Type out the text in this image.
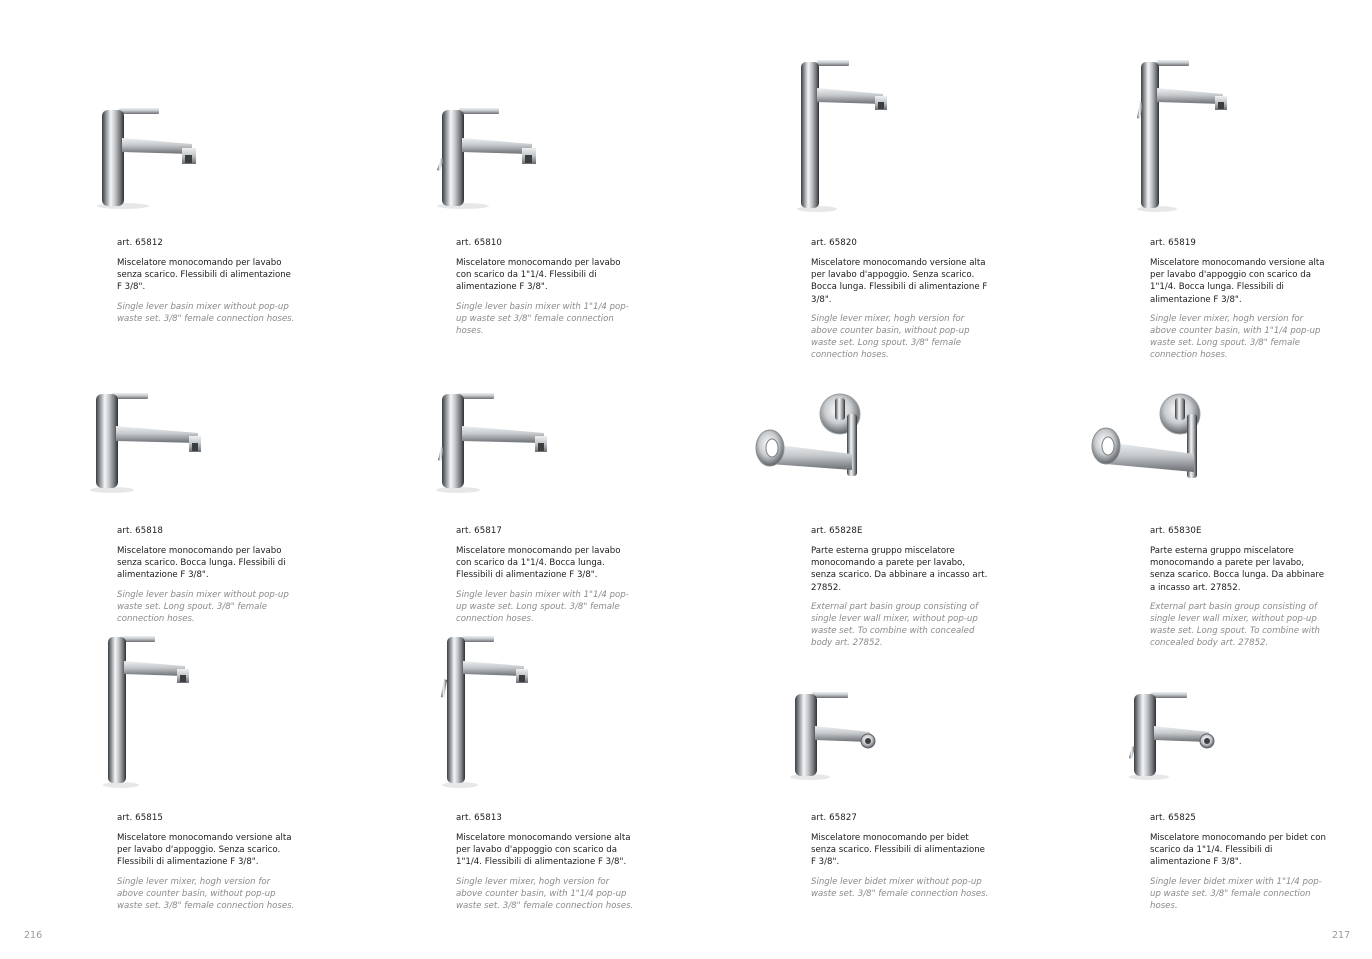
art. 65812

Miscelatore monocomando per lavabo senza scarico. Flessibili di alimentazione F 3/8".

Single lever basin mixer without pop-up waste set. 3/8" female connection hoses.

art. 65810

Miscelatore monocomando per lavabo con scarico da 1"1/4. Flessibili di alimentazione F 3/8".

Single lever basin mixer with 1"1/4 pop-up waste set 3/8" female connection hoses.

art. 65820

Miscelatore monocomando versione alta per lavabo d'appoggio. Senza scarico. Bocca lunga. Flessibili di alimentazione F 3/8".

Single lever mixer, hogh version for above counter basin, without pop-up waste set. Long spout. 3/8" female connection hoses.

art. 65819

Miscelatore monocomando versione alta per lavabo d'appoggio con scarico da 1"1/4. Bocca lunga. Flessibili di alimentazione F 3/8".

Single lever mixer, hogh version for above counter basin, with 1"1/4 pop-up waste set. Long spout. 3/8" female connection hoses.

art. 65818

Miscelatore monocomando per lavabo senza scarico. Bocca lunga. Flessibili di alimentazione F 3/8".

Single lever basin mixer without pop-up waste set. Long spout. 3/8" female connection hoses.

art. 65817

Miscelatore monocomando per lavabo con scarico da 1"1/4. Bocca lunga. Flessibili di alimentazione F 3/8".

Single lever basin mixer with 1"1/4 pop-up waste set. Long spout. 3/8" female connection hoses.

art. 65828E

Parte esterna gruppo miscelatore monocomando a parete per lavabo, senza scarico. Da abbinare a incasso art. 27852.

External part basin group consisting of single lever wall mixer, without pop-up waste set. To combine with concealed body art. 27852.

art. 65830E

Parte esterna gruppo miscelatore monocomando a parete per lavabo, senza scarico. Bocca lunga. Da abbinare a incasso art. 27852.

External part basin group consisting of single lever wall mixer, without pop-up waste set. Long spout. To combine with concealed body art. 27852.

art. 65815

Miscelatore monocomando versione alta per lavabo d'appoggio. Senza scarico. Flessibili di alimentazione F 3/8".

Single lever mixer, hogh version for above counter basin, without pop-up waste set. 3/8" female connection hoses.

art. 65813

Miscelatore monocomando versione alta per lavabo d'appoggio con scarico da 1"1/4. Flessibili di alimentazione F 3/8".

Single lever mixer, hogh version for above counter basin, with 1"1/4 pop-up waste set. 3/8" female connection hoses.

art. 65827

Miscelatore monocomando per bidet senza scarico. Flessibili di alimentazione F 3/8".

Single lever bidet mixer without pop-up waste set. 3/8" female connection hoses.

art. 65825

Miscelatore monocomando per bidet con scarico da 1"1/4. Flessibili di alimentazione F 3/8".

Single lever bidet mixer with 1"1/4 pop-up waste set. 3/8" female connection hoses.

216	217
